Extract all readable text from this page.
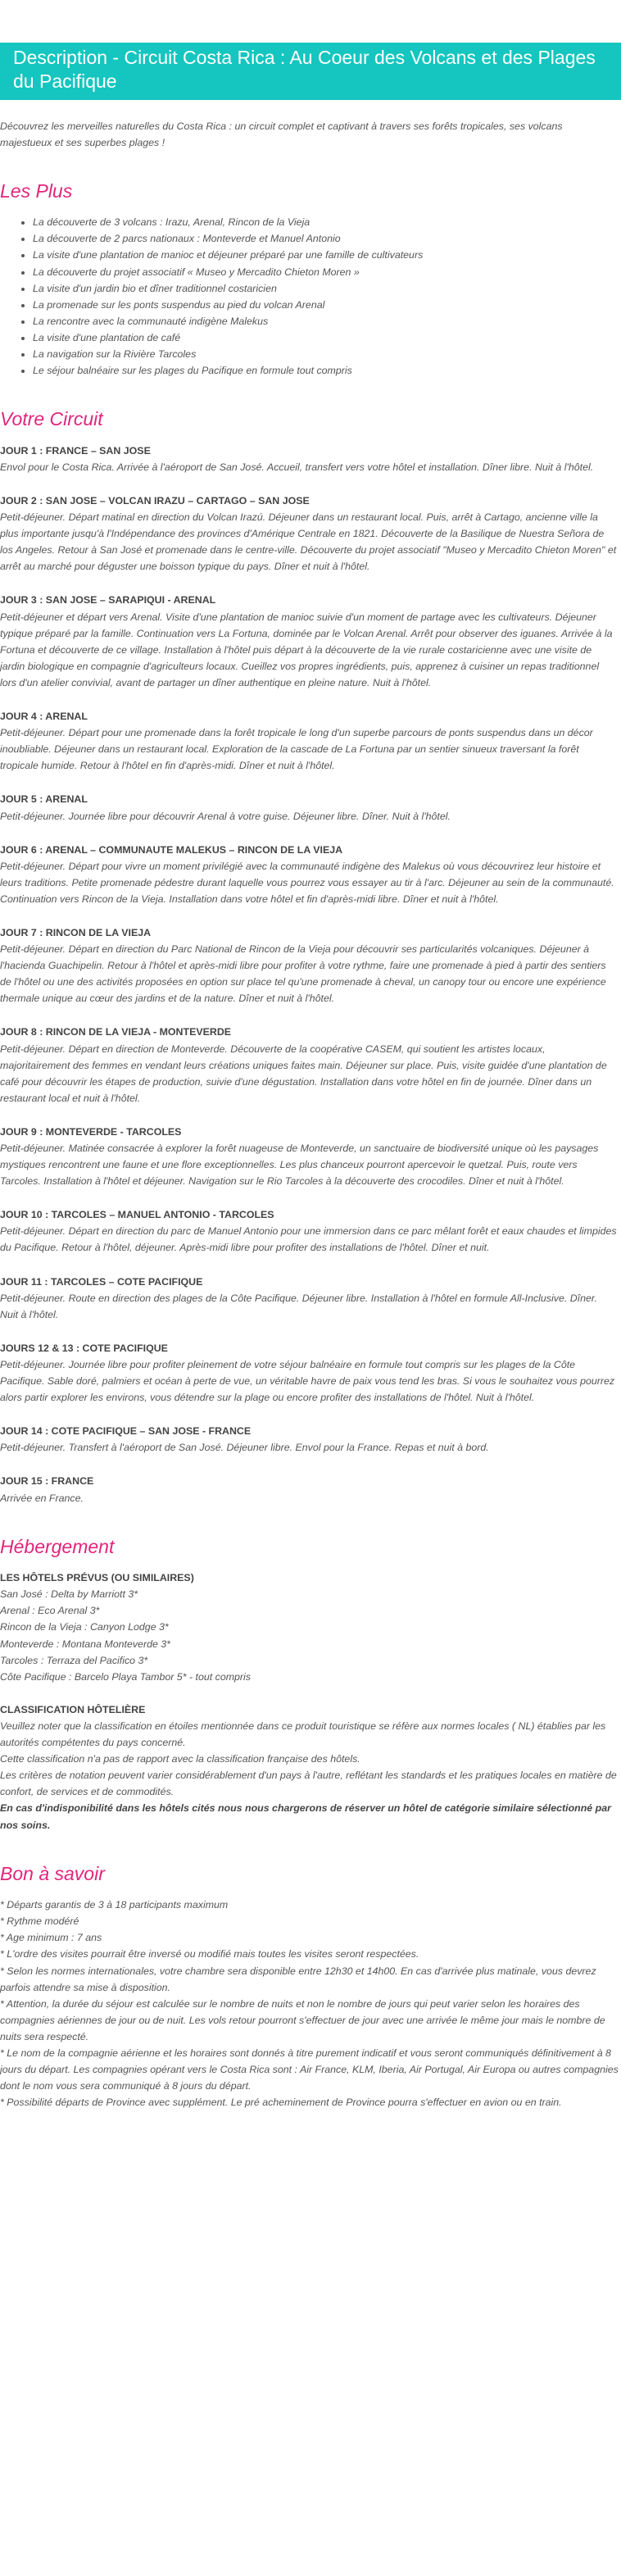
Description - Circuit Costa Rica : Au Coeur des Volcans et des Plages du Pacifique
Découvrez les merveilles naturelles du Costa Rica : un circuit complet et captivant à travers ses forêts tropicales, ses volcans majestueux et ses superbes plages !
Les Plus
• La découverte de 3 volcans : Irazu, Arenal, Rincon de la Vieja
• La découverte de 2 parcs nationaux : Monteverde et Manuel Antonio
• La visite d'une plantation de manioc et déjeuner préparé par une famille de cultivateurs
• La découverte du projet associatif « Museo y Mercadito Chieton Moren »
• La visite d'un jardin bio et dîner traditionnel costaricien
• La promenade sur les ponts suspendus au pied du volcan Arenal
• La rencontre avec la communauté indigène Malekus
• La visite d'une plantation de café
• La navigation sur la Rivière Tarcoles
• Le séjour balnéaire sur les plages du Pacifique en formule tout compris
Votre Circuit
JOUR 1 : FRANCE – SAN JOSE
Envol pour le Costa Rica. Arrivée à l'aéroport de San José. Accueil, transfert vers votre hôtel et installation. Dîner libre. Nuit à l'hôtel.
JOUR 2 : SAN JOSE – VOLCAN IRAZU – CARTAGO – SAN JOSE
Petit-déjeuner. Départ matinal en direction du Volcan Irazú. Déjeuner dans un restaurant local. Puis, arrêt à Cartago, ancienne ville la plus importante jusqu'à l'Indépendance des provinces d'Amérique Centrale en 1821. Découverte de la Basilique de Nuestra Señora de los Angeles. Retour à San José et promenade dans le centre-ville. Découverte du projet associatif "Museo y Mercadito Chieton Moren" et arrêt au marché pour déguster une boisson typique du pays. Dîner et nuit à l'hôtel.
JOUR 3 : SAN JOSE – SARAPIQUI - ARENAL
Petit-déjeuner et départ vers Arenal. Visite d'une plantation de manioc suivie d'un moment de partage avec les cultivateurs. Déjeuner typique préparé par la famille. Continuation vers La Fortuna, dominée par le Volcan Arenal. Arrêt pour observer des iguanes. Arrivée à la Fortuna et découverte de ce village. Installation à l'hôtel puis départ à la découverte de la vie rurale costaricienne avec une visite de jardin biologique en compagnie d'agriculteurs locaux. Cueillez vos propres ingrédients, puis, apprenez à cuisiner un repas traditionnel lors d'un atelier convivial, avant de partager un dîner authentique en pleine nature. Nuit à l'hôtel.
JOUR 4 : ARENAL
Petit-déjeuner. Départ pour une promenade dans la forêt tropicale le long d'un superbe parcours de ponts suspendus dans un décor inoubliable. Déjeuner dans un restaurant local. Exploration de la cascade de La Fortuna par un sentier sinueux traversant la forêt tropicale humide. Retour à l'hôtel en fin d'après-midi. Dîner et nuit à l'hôtel.
JOUR 5 : ARENAL
Petit-déjeuner. Journée libre pour découvrir Arenal à votre guise. Déjeuner libre. Dîner. Nuit à l'hôtel.
JOUR 6 : ARENAL – COMMUNAUTE MALEKUS – RINCON DE LA VIEJA
Petit-déjeuner. Départ pour vivre un moment privilégié avec la communauté indigène des Malekus où vous découvrirez leur histoire et leurs traditions. Petite promenade pédestre durant laquelle vous pourrez vous essayer au tir à l'arc. Déjeuner au sein de la communauté. Continuation vers Rincon de la Vieja. Installation dans votre hôtel et fin d'après-midi libre. Dîner et nuit à l'hôtel.
JOUR 7 : RINCON DE LA VIEJA
Petit-déjeuner. Départ en direction du Parc National de Rincon de la Vieja pour découvrir ses particularités volcaniques. Déjeuner à l'hacienda Guachipelin. Retour à l'hôtel et après-midi libre pour profiter à votre rythme, faire une promenade à pied à partir des sentiers de l'hôtel ou une des activités proposées en option sur place tel qu'une promenade à cheval, un canopy tour ou encore une expérience thermale unique au cœur des jardins et de la nature. Dîner et nuit à l'hôtel.
JOUR 8 : RINCON DE LA VIEJA - MONTEVERDE
Petit-déjeuner. Départ en direction de Monteverde. Découverte de la coopérative CASEM, qui soutient les artistes locaux, majoritairement des femmes en vendant leurs créations uniques faites main. Déjeuner sur place. Puis, visite guidée d'une plantation de café pour découvrir les étapes de production, suivie d'une dégustation. Installation dans votre hôtel en fin de journée. Dîner dans un restaurant local et nuit à l'hôtel.
JOUR 9 : MONTEVERDE - TARCOLES
Petit-déjeuner. Matinée consacrée à explorer la forêt nuageuse de Monteverde, un sanctuaire de biodiversité unique où les paysages mystiques rencontrent une faune et une flore exceptionnelles. Les plus chanceux pourront apercevoir le quetzal. Puis, route vers Tarcoles. Installation à l'hôtel et déjeuner. Navigation sur le Rio Tarcoles à la découverte des crocodiles. Dîner et nuit à l'hôtel.
JOUR 10 : TARCOLES – MANUEL ANTONIO - TARCOLES
Petit-déjeuner. Départ en direction du parc de Manuel Antonio pour une immersion dans ce parc mêlant forêt et eaux chaudes et limpides du Pacifique. Retour à l'hôtel, déjeuner. Après-midi libre pour profiter des installations de l'hôtel. Dîner et nuit.
JOUR 11 : TARCOLES – COTE PACIFIQUE
Petit-déjeuner. Route en direction des plages de la Côte Pacifique. Déjeuner libre. Installation à l'hôtel en formule All-Inclusive. Dîner. Nuit à l'hôtel.
JOURS 12 & 13 : COTE PACIFIQUE
Petit-déjeuner. Journée libre pour profiter pleinement de votre séjour balnéaire en formule tout compris sur les plages de la Côte Pacifique. Sable doré, palmiers et océan à perte de vue, un véritable havre de paix vous tend les bras. Si vous le souhaitez vous pourrez alors partir explorer les environs, vous détendre sur la plage ou encore profiter des installations de l'hôtel. Nuit à l'hôtel.
JOUR 14 : COTE PACIFIQUE – SAN JOSE - FRANCE
Petit-déjeuner. Transfert à l'aéroport de San José. Déjeuner libre. Envol pour la France. Repas et nuit à bord.
JOUR 15 : FRANCE
Arrivée en France.
Hébergement
LES HÔTELS PRÉVUS (OU SIMILAIRES)
San José : Delta by Marriott 3*
Arenal : Eco Arenal 3*
Rincon de la Vieja : Canyon Lodge 3*
Monteverde : Montana Monteverde 3*
Tarcoles : Terraza del Pacifico 3*
Côte Pacifique : Barcelo Playa Tambor 5* - tout compris
CLASSIFICATION HÔTELIÈRE

Veuillez noter que la classification en étoiles mentionnée dans ce produit touristique se réfère aux normes locales ( NL) établies par les autorités compétentes du pays concerné.

Cette classification n'a pas de rapport avec la classification française des hôtels.

Les critères de notation peuvent varier considérablement d'un pays à l'autre, reflétant les standards et les pratiques locales en matière de confort, de services et de commodités.

En cas d'indisponibilité dans les hôtels cités nous nous chargerons de réserver un hôtel de catégorie similaire sélectionné par nos soins.

Bon à savoir

* Départs garantis de 3 à 18 participants maximum

* Rythme modéré

* Age minimum : 7 ans

* L'ordre des visites pourrait être inversé ou modifié mais toutes les visites seront respectées.

* Selon les normes internationales, votre chambre sera disponible entre 12h30 et 14h00. En cas d'arrivée plus matinale, vous devrez parfois attendre sa mise à disposition.

* Attention, la durée du séjour est calculée sur le nombre de nuits et non le nombre de jours qui peut varier selon les horaires des compagnies aériennes de jour ou de nuit. Les vols retour pourront s'effectuer de jour avec une arrivée le même jour mais le nombre de nuits sera respecté.

* Le nom de la compagnie aérienne et les horaires sont donnés à titre purement indicatif et vous seront communiqués définitivement à 8 jours du départ. Les compagnies opérant vers le Costa Rica sont : Air France, KLM, Iberia, Air Portugal, Air Europa ou autres compagnies dont le nom vous sera communiqué à 8 jours du départ.

* Possibilité départs de Province avec supplément. Le pré acheminement de Province pourra s'effectuer en avion ou en train.
